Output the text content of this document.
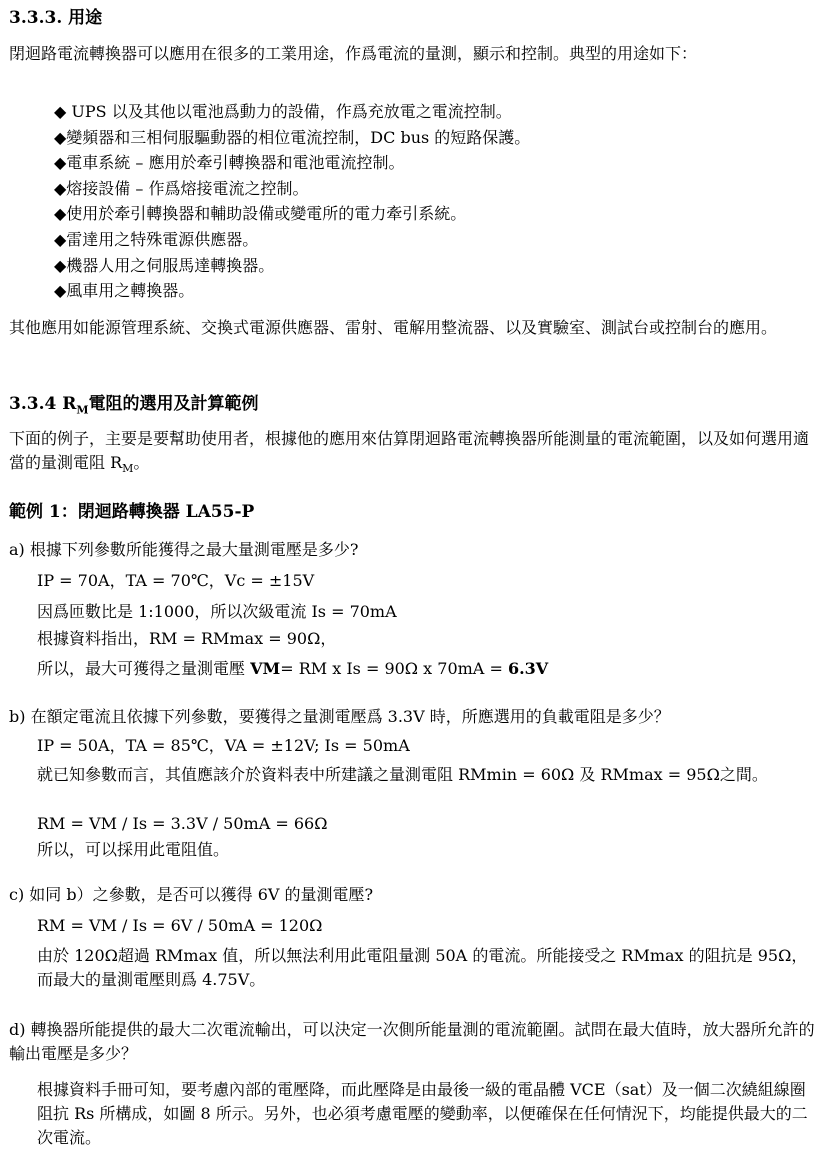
3.3.3. 用途
閉迴路電流轉換器可以應用在很多的工業用途，作爲電流的量測，顯示和控制。典型的用途如下：
◆ UPS 以及其他以電池爲動力的設備，作爲充放電之電流控制。
◆變頻器和三相伺服驅動器的相位電流控制，DC bus 的短路保護。
◆電車系統 – 應用於牽引轉換器和電池電流控制。
◆熔接設備 – 作爲熔接電流之控制。
◆使用於牽引轉換器和輔助設備或變電所的電力牽引系統。
◆雷達用之特殊電源供應器。
◆機器人用之伺服馬達轉換器。
◆風車用之轉換器。
其他應用如能源管理系統、交換式電源供應器、雷射、電解用整流器、以及實驗室、測試台或控制台的應用。
3.3.4 $R_M$電阻的選用及計算範例
下面的例子，主要是要幫助使用者，根據他的應用來估算閉迴路電流轉換器所能測量的電流範圍，以及如何選用適當的量測電阻 $R_M$。
範例 1：閉迴路轉換器 LA55-P
a) 根據下列參數所能獲得之最大量測電壓是多少?
IP = 70A，TA = 70℃，Vc = ±15V
因爲匝數比是 1:1000，所以次級電流 Is = 70mA
根據資料指出，RM = RMmax = 90Ω，
所以，最大可獲得之量測電壓 VM= RM x Is = 90Ω x 70mA = 6.3V
b) 在額定電流且依據下列參數，要獲得之量測電壓爲 3.3V 時，所應選用的負載電阻是多少？
IP = 50A，TA = 85℃，VA = ±12V; Is = 50mA
就已知參數而言，其值應該介於資料表中所建議之量測電阻 RMmin = 60Ω 及 RMmax = 95Ω之間。
RM = VM / Is = 3.3V / 50mA = 66Ω
所以，可以採用此電阻值。
c) 如同 b）之參數，是否可以獲得 6V 的量測電壓?
RM = VM / Is = 6V / 50mA = 120Ω
由於 120Ω超過 RMmax 值，所以無法利用此電阻量測 50A 的電流。所能接受之 RMmax 的阻抗是 95Ω，而最大的量測電壓則爲 4.75V。
d) 轉換器所能提供的最大二次電流輸出，可以決定一次側所能量測的電流範圍。試問在最大值時，放大器所允許的輸出電壓是多少？
根據資料手冊可知，要考慮內部的電壓降，而此壓降是由最後一級的電晶體 VCE（sat）及一個二次繞組線圈阻抗 Rs 所構成，如圖 8 所示。另外，也必須考慮電壓的變動率，以便確保在任何情況下，均能提供最大的二次電流。
